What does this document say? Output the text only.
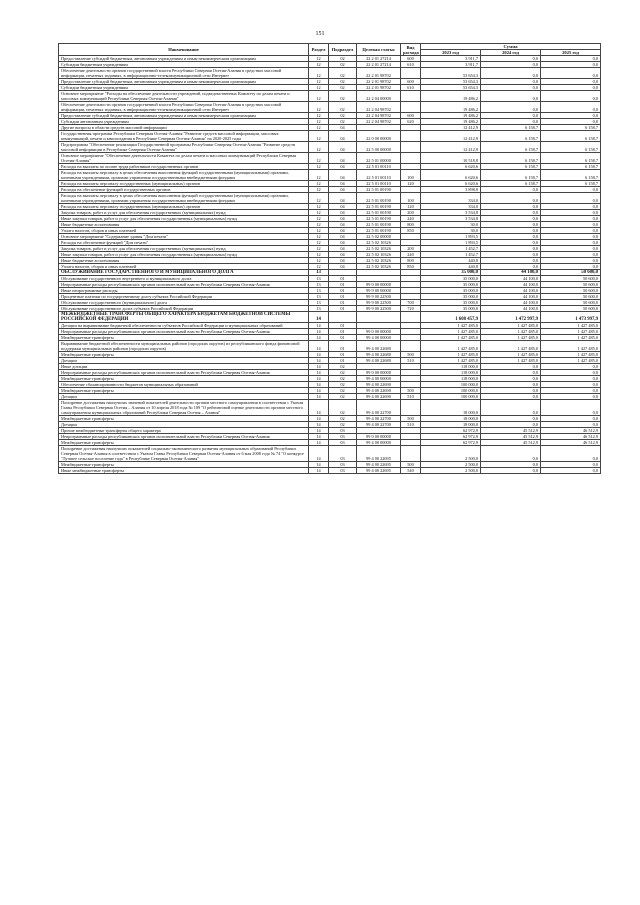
151
Наименование	Раздел	Подраздел	Целевая статья	Вид расхода	Сумма		
					2023 год	2024 год	2025 год
Предоставление субсидий бюджетным, автономным учреждениям и иным некоммерческим организациям	12	02	22 2 01 27214	600	3 911,7	0,0	0,0
Субсидии бюджетным учреждениям	12	02	22 2 01 27214	610	3 911,7	0,0	0,0
Обеспечение деятельности органов государственной власти Республики Северная Осетия-Алания в средствах массовой информации, печатных изданиях, в информационно-телекоммуникационной сети Интернет	12	02	22 2 01 98702		53 654,3	0,0	0,0
Предоставление субсидий бюджетным, автономным учреждениям и иным некоммерческим организациям	12	02	22 2 01 98702	600	53 654,3	0,0	0,0
Субсидии бюджетным учреждениям	12	02	22 2 01 98702	610	53 654,3	0,0	0,0
Основное мероприятие "Расходы на обеспечение деятельности учреждений, подведомственных Комитету по делам печати и массовых коммуникаций Республики Северная Осетия-Алания"	12	02	22 2 04 00000		19 486,2	0,0	0,0
Обеспечение деятельности органов государственной власти Республики Северная Осетия-Алания в средствах массовой информации, печатных изданиях, в информационно-телекоммуникационной сети Интернет	12	02	22 2 04 98702		19 486,2	0,0	0,0
Предоставление субсидий бюджетным, автономным учреждениям и иным некоммерческим организациям	12	02	22 2 04 98702	600	19 486,2	0,0	0,0
Субсидии автономным учреждениям	12	02	22 2 04 98702	620	19 486,2	0,0	0,0
Другие вопросы в области средств массовой информации	12	04			12 412,9	6 158,7	6 158,7
Государственная программа Республики Северная Осетия-Алания "Развитие средств массовой информации, массовых коммуникаций, печати и книгоиздания в Республике Северная Осетия-Алания" на 2020-2025 годы	12	04	22 0 00 00000		12 412,9	6 158,7	6 158,7
Подпрограмма "Обеспечение реализации Государственной программы Республики Северная Осетия-Алания "Развитие средств массовой информации в Республике Северная Осетия-Алания"	12	04	22 5 00 00000		12 412,9	6 158,7	6 158,7
Основное мероприятие "Обеспечение деятельности Комитета по делам печати и массовых коммуникаций Республики Северная Осетия-Алания"	12	04	22 5 01 00000		10 518,8	6 158,7	6 158,7
Расходы на выплаты по оплате труда работников государственных органов	12	04	22 5 01 00110		6 620,6	6 158,7	6 158,7
Расходы на выплаты персоналу в целях обеспечения выполнения функций государственными (муниципальными) органами, казенными учреждениями, органами управления государственными внебюджетными фондами	12	04	22 5 01 00110	100	6 620,6	6 158,7	6 158,7
Расходы на выплаты персоналу государственных (муниципальных) органов	12	04	22 5 01 00110	120	6 620,6	6 158,7	6 158,7
Расходы на обеспечение функций государственных органов	12	04	22 5 01 00190		3 898,8	0,0	0,0
Расходы на выплаты персоналу в целях обеспечения выполнения функций государственными (муниципальными) органами, казенными учреждениями, органами управления государственными внебюджетными фондами	12	04	22 5 01 00190	100	334,0	0,0	0,0
Расходы на выплаты персоналу государственных (муниципальных) органов	12	04	22 5 01 00190	120	334,0	0,0	0,0
Закупка товаров, работ и услуг для обеспечения государственных (муниципальных) нужд	12	04	22 5 01 00190	200	3 534,8	0,0	0,0
Иные закупки товаров, работ и услуг для обеспечения государственных (муниципальных) нужд	12	04	22 5 01 00190	240	3 534,8	0,0	0,0
Иные бюджетные ассигнования	12	04	22 5 01 00190	800	30,0	0,0	0,0
Уплата налогов, сборов и иных платежей	12	04	22 5 01 00190	850	30,0	0,0	0,0
Основное мероприятие "Содержание здания "Дом печати"	12	04	22 5 02 00000		1 893,5	0,0	0,0
Расходы на обеспечение функций "Дом печати"	12	04	22 5 02 10326		1 893,5	0,0	0,0
Закупка товаров, работ и услуг для обеспечения государственных (муниципальных) нужд	12	04	22 5 02 10326	200	1 452,7	0,0	0,0
Иные закупки товаров, работ и услуг для обеспечения государственных (муниципальных) нужд	12	04	22 5 02 10326	240	1 452,7	0,0	0,0
Иные бюджетные ассигнования	12	04	22 5 02 10326	800	440,8	0,0	0,0
Уплата налогов, сборов и иных платежей	12	04	22 5 02 10326	850	440,8	0,0	0,0
ОБСЛУЖИВАНИЕ ГОСУДАРСТВЕННОГО И МУНИЦИПАЛЬНОГО ДОЛГА	13				35 000,0	44 100,0	50 600,0
Обслуживание государственного внутреннего и муниципального долга	13	01			35 000,0	44 100,0	50 600,0
Непрограммные расходы республиканских органов исполнительной власти Республики Северная Осетия-Алания	13	01	99 0 00 00000		35 000,0	44 100,0	50 600,0
Иные непрограммные расходы	13	01	99 9 00 00000		35 000,0	44 100,0	50 600,0
Процентные платежи по государственному долгу субъекта Российской Федерации	13	01	99 9 00 22500		35 000,0	44 100,0	50 600,0
Обслуживание государственного (муниципального) долга	13	01	99 9 00 22500	700	35 000,0	44 100,0	50 600,0
Обслуживание государственного долга субъекта Российской Федерации	13	01	99 9 00 22500	720	35 000,0	44 100,0	50 600,0
МЕЖБЮДЖЕТНЫЕ ТРАНСФЕРТЫ ОБЩЕГО ХАРАКТЕРА БЮДЖЕТАМ БЮДЖЕТНОЙ СИСТЕМЫ РОССИЙСКОЙ ФЕДЕРАЦИИ	14				1 608 457,9	1 472 997,9	1 473 997,9
Дотации на выравнивание бюджетной обеспеченности субъектов Российской Федерации и муниципальных образований	14	01			1 427 485,0	1 427 485,0	1 427 485,0
Непрограммные расходы республиканских органов исполнительной власти Республики Северная Осетия-Алания	14	01	99 0 00 00000		1 427 485,0	1 427 485,0	1 427 485,0
Межбюджетные трансферты	14	01	99 4 00 00000		1 427 485,0	1 427 485,0	1 427 485,0
Выравнивание бюджетной обеспеченности муниципальных районов (городских округов) из республиканского фонда финансовой поддержки муниципальных районов (городских округов)	14	01	99 4 00 22680		1 427 485,0	1 427 485,0	1 427 485,0
Межбюджетные трансферты	14	01	99 4 00 22680	500	1 427 485,0	1 427 485,0	1 427 485,0
Дотации	14	01	99 4 00 22680	510	1 427 485,0	1 427 485,0	1 427 485,0
Иные дотации	14	02			118 000,0	0,0	0,0
Непрограммные расходы республиканских органов исполнительной власти Республики Северная Осетия-Алания	14	02	99 0 00 00000		118 000,0	0,0	0,0
Межбюджетные трансферты	14	02	99 4 00 00000		118 000,0	0,0	0,0
Обеспечение сбалансированности бюджетов муниципальных образований	14	02	99 4 00 22690		100 000,0	0,0	0,0
Межбюджетные трансферты	14	02	99 4 00 22690	500	100 000,0	0,0	0,0
Дотации	14	02	99 4 00 22690	510	100 000,0	0,0	0,0
Поощрение достижения наилучших значений показателей деятельности органов местного самоуправления в соответствии с Указом Главы Республики Северная Осетия – Алания от 10 апреля 2018 года № 109 "О рейтинговой оценке деятельности органов местного самоуправления муниципальных образований Республики Северная Осетия – Алания"	14	02	99 4 00 22700		18 000,0	0,0	0,0
Межбюджетные трансферты	14	02	99 4 00 22700	500	18 000,0	0,0	0,0
Дотации	14	02	99 4 00 22700	510	18 000,0	0,0	0,0
Прочие межбюджетные трансферты общего характера	14	03			62 972,9	45 512,9	46 512,9
Непрограммные расходы республиканских органов исполнительной власти Республики Северная Осетия-Алания	14	03	99 0 00 00000		62 972,9	45 512,9	46 512,9
Межбюджетные трансферты	14	03	99 4 00 00000		62 972,9	45 512,9	46 512,9
Поощрение достижения наилучших показателей социально-экономического развития муниципальных образований Республики Северная Осетия-Алания в соответствии с Указом Главы Республики Северная Осетия-Алания от 6 мая 2008 года № 74 "О конкурсе "Лучшее сельское поселение года" в Республике Северная Осетия-Алания"	14	03	99 4 00 22695		2 500,0	0,0	0,0
Межбюджетные трансферты	14	03	99 4 00 22695	500	2 500,0	0,0	0,0
Иные межбюджетные трансферты	14	03	99 4 00 22695	540	2 500,0	0,0	0,0
